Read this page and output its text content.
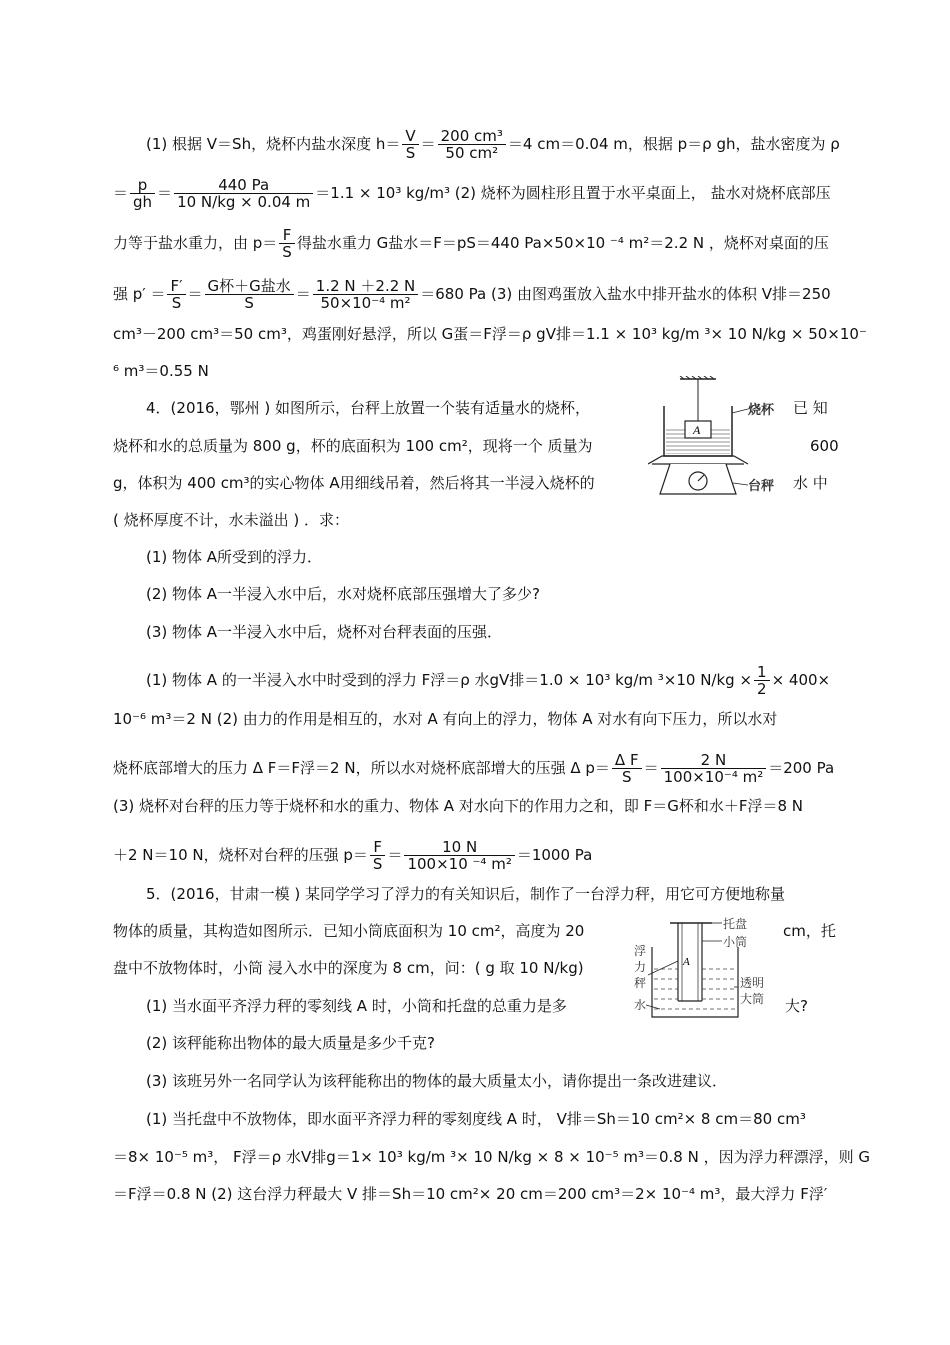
(1) 根据 V＝Sh，烧杯内盐水深度 $h= \frac{V}{S} = \frac{\text{200 cm³}}{\text{50 cm²}} =4$ cm＝0.04 m，根据 p＝ρ gh，盐水密度为 ρ
＝ $\frac{p}{gh} = \frac{440 Pa}{10 N/kg \times 0.04 m} =1.1 \times 10^3$ kg/m³ (2) 烧杯为圆柱形且置于水平桌面上， 盐水对烧杯底部压
力等于盐水重力，由 $p= \frac{F}{S}$ 得盐水重力 G盐水＝F＝pS＝440 Pa×50×10 ⁻⁴ m²＝2.2 N ，烧杯对桌面的压
强 $p' = \frac{F'}{S} = \frac{\text{G杯＋G盐水}}{S} = \frac{1.2 N +2.2 N}{\text{50×10⁻⁴ m²}} =680$ Pa (3) 由图鸡蛋放入盐水中排开盐水的体积 V排＝250
cm³－200 cm³＝50 cm³，鸡蛋刚好悬浮，所以 G蛋＝F浮＝ρ gV排＝1.1 × 10³ kg/m ³× 10 N/kg × 50×10⁻
⁶ m³＝0.55 N
4．(2016，鄂州 ) 如图所示，台秤上放置一个装有适量水的烧杯，	已 知
烧杯和水的总质量为 800 g，杯的底面积为 100 cm²，现将一个 质量为	600
g，体积为 400 cm³的实心物体 A用细线吊着，然后将其一半浸入烧杯的	水 中
( 烧杯厚度不计，水未溢出 ) ．求：
(1) 物体 A所受到的浮力．
(2) 物体 A一半浸入水中后，水对烧杯底部压强增大了多少?
(3) 物体 A一半浸入水中后，烧杯对台秤表面的压强．
A
烧杯
台秤
(1) 物体 A 的一半浸入水中时受到的浮力 F浮＝ρ 水gV排＝1.0 × 10³ kg/m ³×10 $N/kg \times \frac{1}{2} \times 400\times$
10⁻⁶ m³＝2 N (2) 由力的作用是相互的，水对 A 有向上的浮力，物体 A 对水有向下压力，所以水对
烧杯底部增大的压力 Δ F＝F浮＝2 N，所以水对烧杯底部增大的压强 Δ $p= \frac{\text{Δ F}}{S} = \frac{2 N}{\text{100×10⁻⁴ m²}} =200$ Pa
(3) 烧杯对台秤的压力等于烧杯和水的重力、物体 A 对水向下的作用力之和，即 F＝G杯和水＋F浮＝8 N
＋2 N＝10 N，烧杯对台秤的压强 $p= \frac{F}{S} = \frac{10 N}{\text{100×10 ⁻⁴ m²}} =1000$ Pa
5．(2016，甘肃一模 ) 某同学学习了浮力的有关知识后，制作了一台浮力秤，用它可方便地称量
物体的质量，其构造如图所示．已知小筒底面积为 10 cm²，高度为 20	cm，托
盘中不放物体时，小筒 浸入水中的深度为 8 cm，问：( g 取 10 N/kg)
(1) 当水面平齐浮力秤的零刻线 A 时，小筒和托盘的总重力是多	大?
(2) 该秤能称出物体的最大质量是多少千克?
(3) 该班另外一名同学认为该秤能称出的物体的最大质量太小，请你提出一条改进建议．
A
托盘
小筒
透明
大筒
浮
力
秤
水
(1) 当托盘中不放物体，即水面平齐浮力秤的零刻度线 A 时， V排＝Sh＝10 cm²× 8 cm＝80 cm³
＝8× 10⁻⁵ m³， F浮＝ρ 水V排g＝1× 10³ kg/m ³× 10 N/kg × 8 × 10⁻⁵ m³＝0.8 N ，因为浮力秤漂浮，则 G
＝F浮＝0.8 N (2) 这台浮力秤最大 V 排＝Sh＝10 cm²× 20 cm＝200 cm³＝2× 10⁻⁴ m³，最大浮力 F浮′
